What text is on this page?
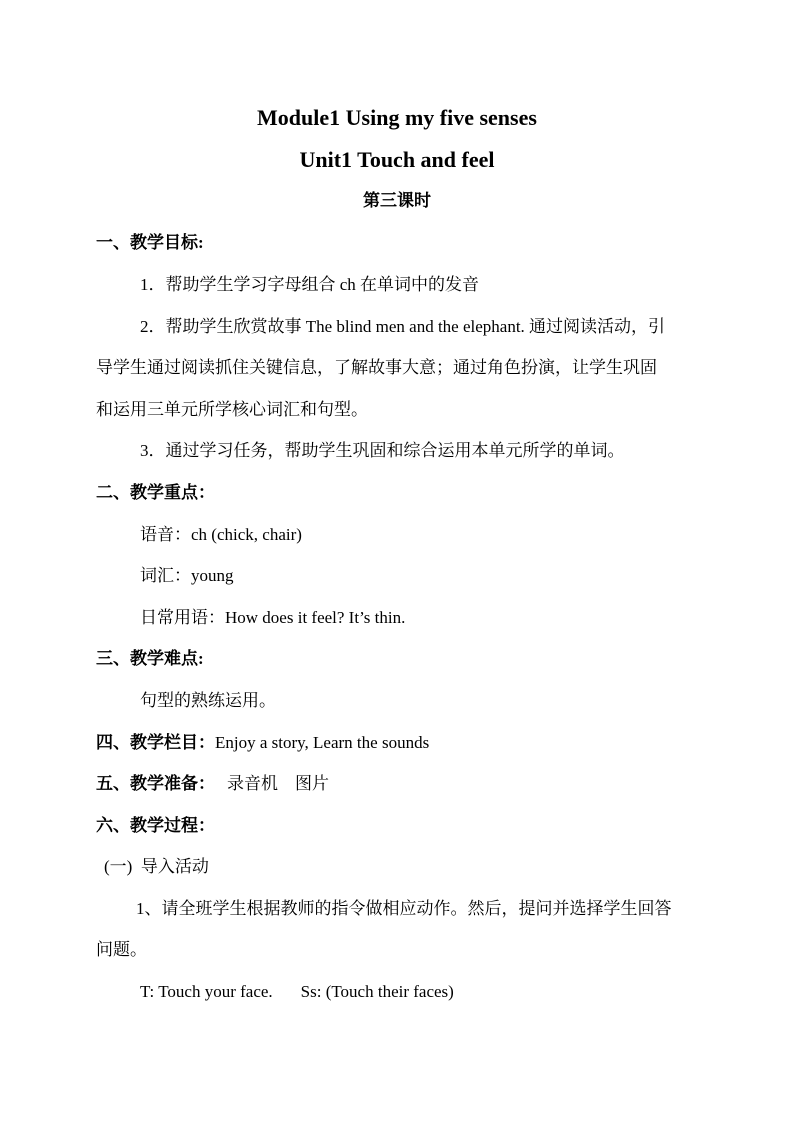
Module1 Using my five senses
Unit1 Touch and feel
第三课时
一、教学目标:
1．帮助学生学习字母组合 ch 在单词中的发音
2．帮助学生欣赏故事 The blind men and the elephant. 通过阅读活动，引
导学生通过阅读抓住关键信息，了解故事大意；通过角色扮演，让学生巩固
和运用三单元所学核心词汇和句型。
3．通过学习任务，帮助学生巩固和综合运用本单元所学的单词。
二、教学重点：
语音：ch (chick, chair)
词汇：young
日常用语：How does it feel? It’s thin.
三、教学难点:
句型的熟练运用。
四、教学栏目：Enjoy a story, Learn the sounds
五、教学准备： 录音机    图片
六、教学过程：
(一)  导入活动
1、请全班学生根据教师的指令做相应动作。然后，提问并选择学生回答
问题。
T: Touch your face. Ss: (Touch their faces)
